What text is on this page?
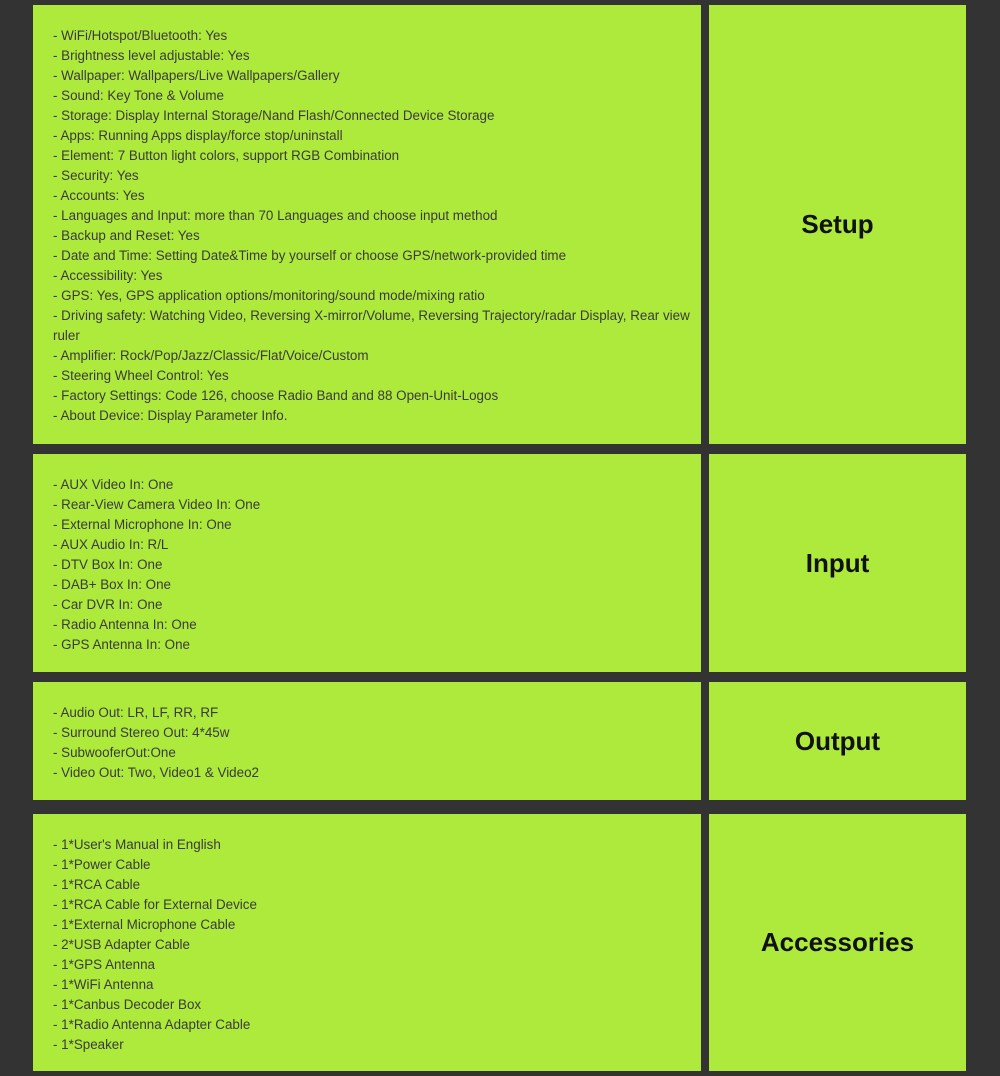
- WiFi/Hotspot/Bluetooth: Yes
- Brightness level adjustable: Yes
- Wallpaper: Wallpapers/Live Wallpapers/Gallery
- Sound: Key Tone & Volume
- Storage: Display Internal Storage/Nand Flash/Connected Device Storage
- Apps: Running Apps display/force stop/uninstall
- Element: 7 Button light colors, support RGB Combination
- Security: Yes
- Accounts: Yes
- Languages and Input: more than 70 Languages and choose input method
- Backup and Reset: Yes
- Date and Time: Setting Date&Time by yourself or choose GPS/network-provided time
- Accessibility: Yes
- GPS: Yes, GPS application options/monitoring/sound mode/mixing ratio
- Driving safety: Watching Video, Reversing X-mirror/Volume, Reversing Trajectory/radar Display, Rear view ruler
- Amplifier: Rock/Pop/Jazz/Classic/Flat/Voice/Custom
- Steering Wheel Control: Yes
- Factory Settings: Code 126, choose Radio Band and 88 Open-Unit-Logos
- About Device: Display Parameter Info.
Setup
- AUX Video In: One
- Rear-View Camera Video In: One
- External Microphone In: One
- AUX Audio In: R/L
- DTV Box In: One
- DAB+ Box In: One
- Car DVR In: One
- Radio Antenna In: One
- GPS Antenna In: One
Input
- Audio Out: LR, LF, RR, RF
- Surround Stereo Out: 4*45w
- SubwooferOut:One
- Video Out: Two, Video1 & Video2
Output
- 1*User's Manual in English
- 1*Power Cable
- 1*RCA Cable
- 1*RCA Cable for External Device
- 1*External Microphone Cable
- 2*USB Adapter Cable
- 1*GPS Antenna
- 1*WiFi Antenna
- 1*Canbus Decoder Box
- 1*Radio Antenna Adapter Cable
- 1*Speaker
Accessories
